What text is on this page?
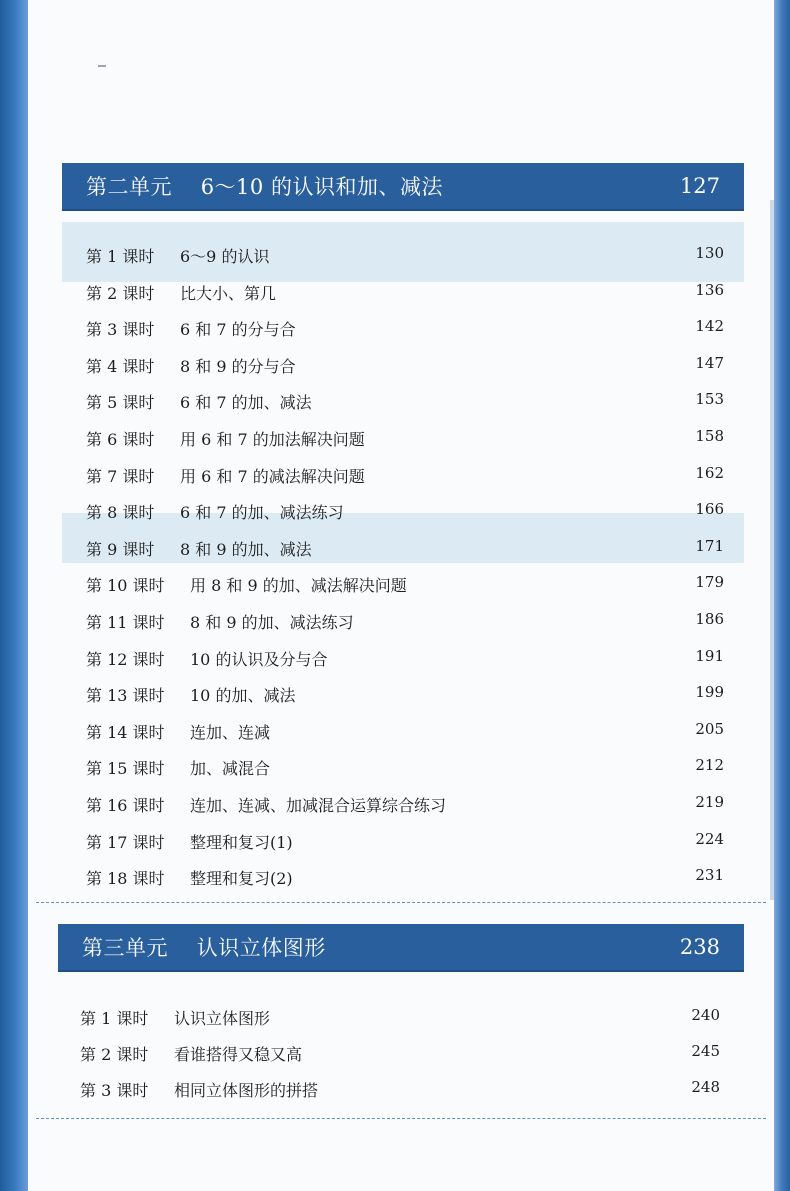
第二单元    6～10 的认识和加、减法	127
第 1 课时 6～9 的认识	130
第 2 课时 比大小、第几	136
第 3 课时 6 和 7 的分与合	142
第 4 课时 8 和 9 的分与合	147
第 5 课时 6 和 7 的加、减法	153
第 6 课时 用 6 和 7 的加法解决问题	158
第 7 课时 用 6 和 7 的减法解决问题	162
第 8 课时 6 和 7 的加、减法练习	166
第 9 课时 8 和 9 的加、减法	171
第 10 课时 用 8 和 9 的加、减法解决问题	179
第 11 课时 8 和 9 的加、减法练习	186
第 12 课时 10 的认识及分与合	191
第 13 课时 10 的加、减法	199
第 14 课时 连加、连减	205
第 15 课时 加、减混合	212
第 16 课时 连加、连减、加减混合运算综合练习	219
第 17 课时 整理和复习(1)	224
第 18 课时 整理和复习(2)	231
第三单元    认识立体图形	238
第 1 课时 认识立体图形	240
第 2 课时 看谁搭得又稳又高	245
第 3 课时 相同立体图形的拼搭	248
